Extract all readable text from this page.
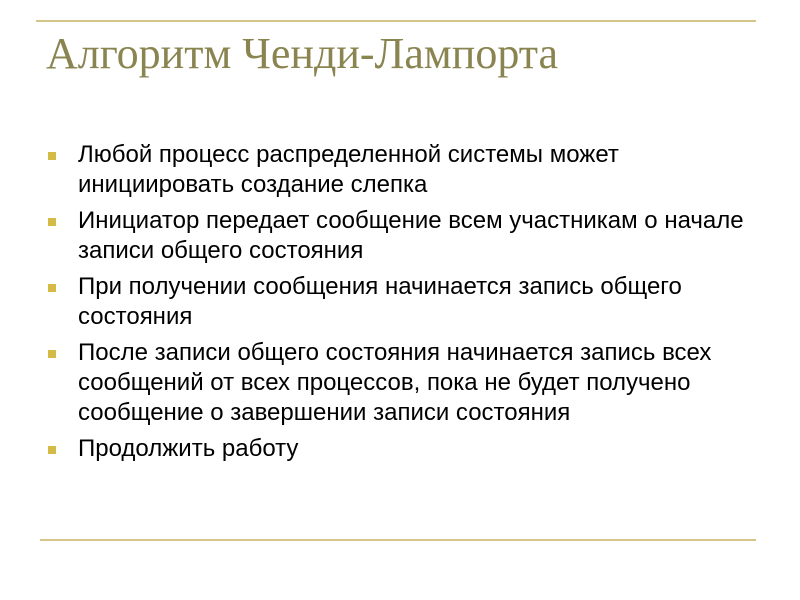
Алгоритм Ченди-Лампорта
Любой процесс распределенной системы может инициировать создание слепка
Инициатор передает сообщение всем участникам о начале записи общего состояния
При получении сообщения начинается запись общего состояния
После записи общего состояния начинается запись всех сообщений от всех процессов, пока не будет получено сообщение о завершении записи состояния
Продолжить работу
